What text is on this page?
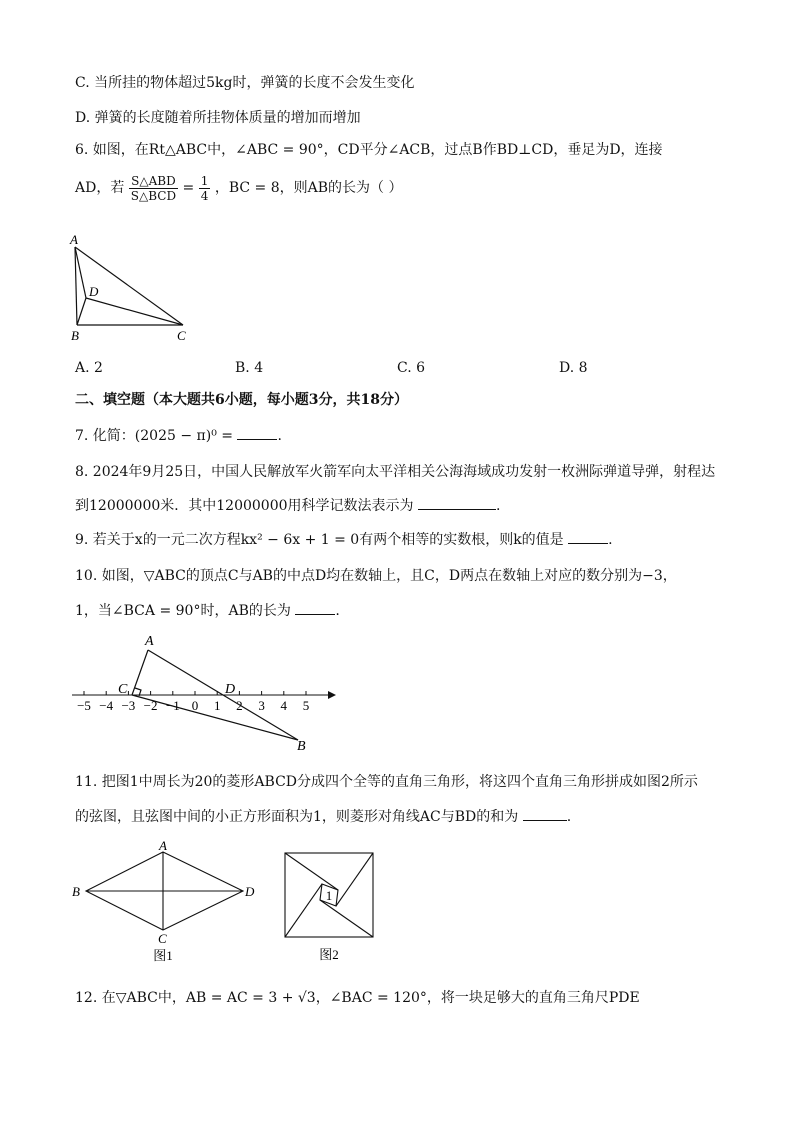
C. 当所挂的物体超过5kg时，弹簧的长度不会发生变化
D. 弹簧的长度随着所挂物体质量的增加而增加
6. 如图，在Rt△ABC中，∠ABC = 90°，CD平分∠ACB，过点B作BD⊥CD，垂足为D，连接
AD，若 $\frac{\text{S△ABD}}{\text{S△BCD}} = \frac{1}{4}$ ，BC = 8，则AB的长为（ ）
A
D
B	C
A. 2	B. 4	C. 6	D. 8
二、填空题（本大题共6小题，每小题3分，共18分）
7. 化简：(2025 − π)⁰ =	.
8. 2024年9月25日，中国人民解放军火箭军向太平洋相关公海海域成功发射一枚洲际弹道导弹，射程达
到12000000米．其中12000000用科学记数法表示为	.
9. 若关于x的一元二次方程kx² − 6x + 1 = 0有两个相等的实数根，则k的值是	.
10. 如图，▽ABC的顶点C与AB的中点D均在数轴上，且C，D两点在数轴上对应的数分别为−3，
1，当∠BCA = 90°时，AB的长为	.
−5 −4 −3 −2 −1 0 1 2 3 4 5
A
C	D
B
11. 把图1中周长为20的菱形ABCD分成四个全等的直角三角形，将这四个直角三角形拼成如图2所示
的弦图，且弦图中间的小正方形面积为1，则菱形对角线AC与BD的和为	.
A
B
C
D
图1
1
图2
12. 在▽ABC中，AB = AC = 3 + √3，∠BAC = 120°，将一块足够大的直角三角尺PDE
